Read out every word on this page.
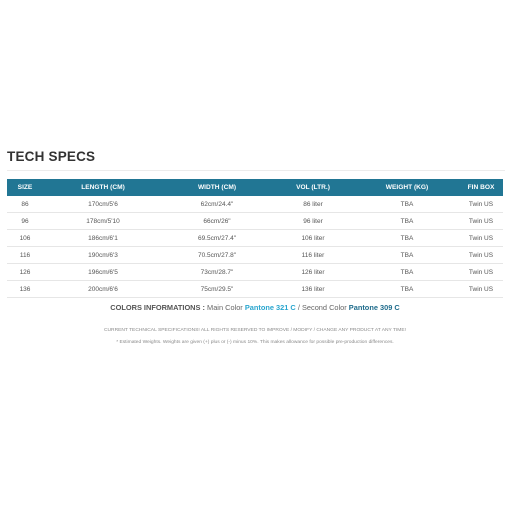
TECH SPECS
SIZE	LENGTH (CM)	WIDTH (CM)	VOL (LTR.)	WEIGHT (KG)	FIN BOX
86	170cm/5'6	62cm/24.4"	86 liter	TBA	Twin US
96	178cm/5'10	66cm/26"	96 liter	TBA	Twin US
106	186cm/6'1	69.5cm/27.4"	106 liter	TBA	Twin US
116	190cm/6'3	70.5cm/27.8"	116 liter	TBA	Twin US
126	196cm/6'5	73cm/28.7"	126 liter	TBA	Twin US
136	200cm/6'6	75cm/29.5"	136 liter	TBA	Twin US
COLORS INFORMATIONS : Main Color Pantone 321 C / Second Color Pantone 309 C
CURRENT TECHNICAL SPECIFICATIONS! ALL RIGHTS RESERVED TO IMPROVE / MODIFY / CHANGE ANY PRODUCT AT ANY TIME!
* Estimated Weights. Weights are given (+) plus or (-) minus 10%. This makes allowance for possible pre-production differences.
